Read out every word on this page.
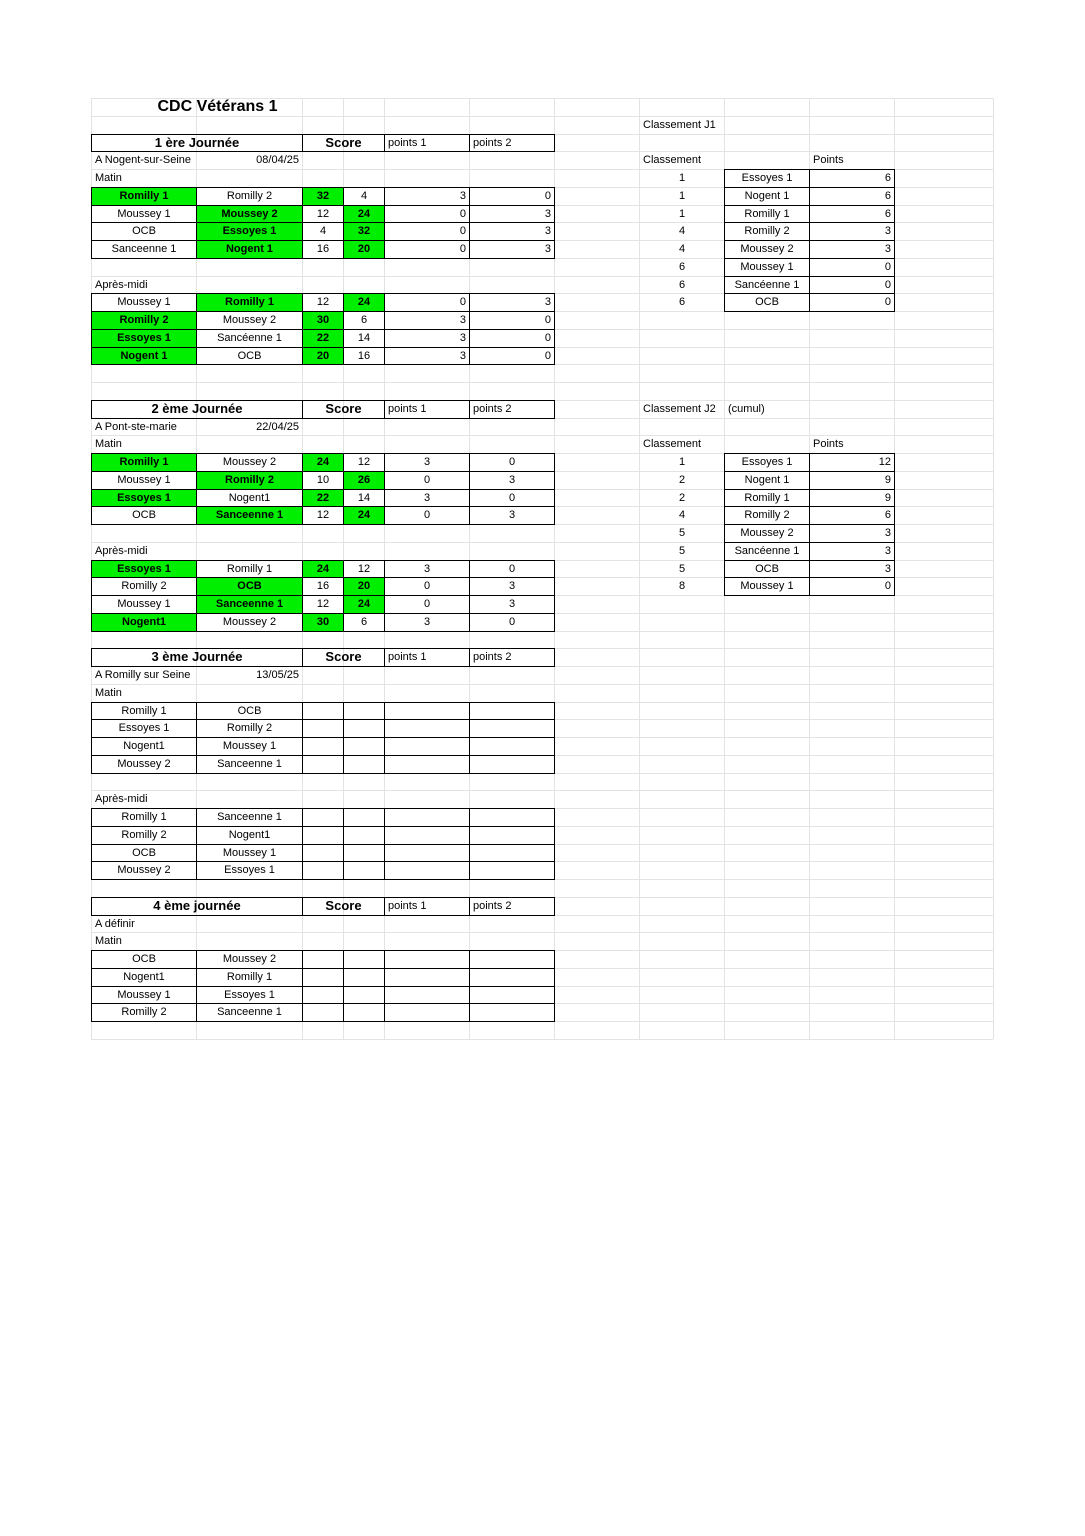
CDC Vétérans 1
1 ère Journée	Score	points 1	points 2
A Nogent-sur-Seine	08/04/25
Matin
Romilly 1	Romilly 2	32	4	3	0
Moussey 1	Moussey 2	12	24	0	3
OCB	Essoyes 1	4	32	0	3
Sanceenne 1	Nogent 1	16	20	0	3
Après-midi
Moussey 1	Romilly 1	12	24	0	3
Romilly 2	Moussey 2	30	6	3	0
Essoyes 1	Sancéenne 1	22	14	3	0
Nogent 1	OCB	20	16	3	0
2 ème Journée	Score	points 1	points 2
A Pont-ste-marie	22/04/25
Matin
Romilly 1	Moussey 2	24	12	3	0
Moussey 1	Romilly 2	10	26	0	3
Essoyes 1	Nogent1	22	14	3	0
OCB	Sanceenne 1	12	24	0	3
Après-midi
Essoyes 1	Romilly 1	24	12	3	0
Romilly 2	OCB	16	20	0	3
Moussey 1	Sanceenne 1	12	24	0	3
Nogent1	Moussey 2	30	6	3	0
3 ème Journée	Score	points 1	points 2
A Romilly sur Seine	13/05/25
Matin
Romilly 1	OCB
Essoyes 1	Romilly 2
Nogent1	Moussey 1
Moussey 2	Sanceenne 1
Après-midi
Romilly 1	Sanceenne 1
Romilly 2	Nogent1
OCB	Moussey 1
Moussey 2	Essoyes 1
4 ème journée	Score	points 1	points 2
A définir
Matin
OCB	Moussey 2
Nogent1	Romilly 1
Moussey 1	Essoyes 1
Romilly 2	Sanceenne 1
Classement J1
Classement	Points
1	Essoyes 1	6
1	Nogent 1	6
1	Romilly 1	6
4	Romilly 2	3
4	Moussey 2	3
6	Moussey 1	0
6	Sancéenne 1	0
6	OCB	0
Classement J2	(cumul)
Classement	Points
1	Essoyes 1	12
2	Nogent 1	9
2	Romilly 1	9
4	Romilly 2	6
5	Moussey 2	3
5	Sancéenne 1	3
5	OCB	3
8	Moussey 1	0
